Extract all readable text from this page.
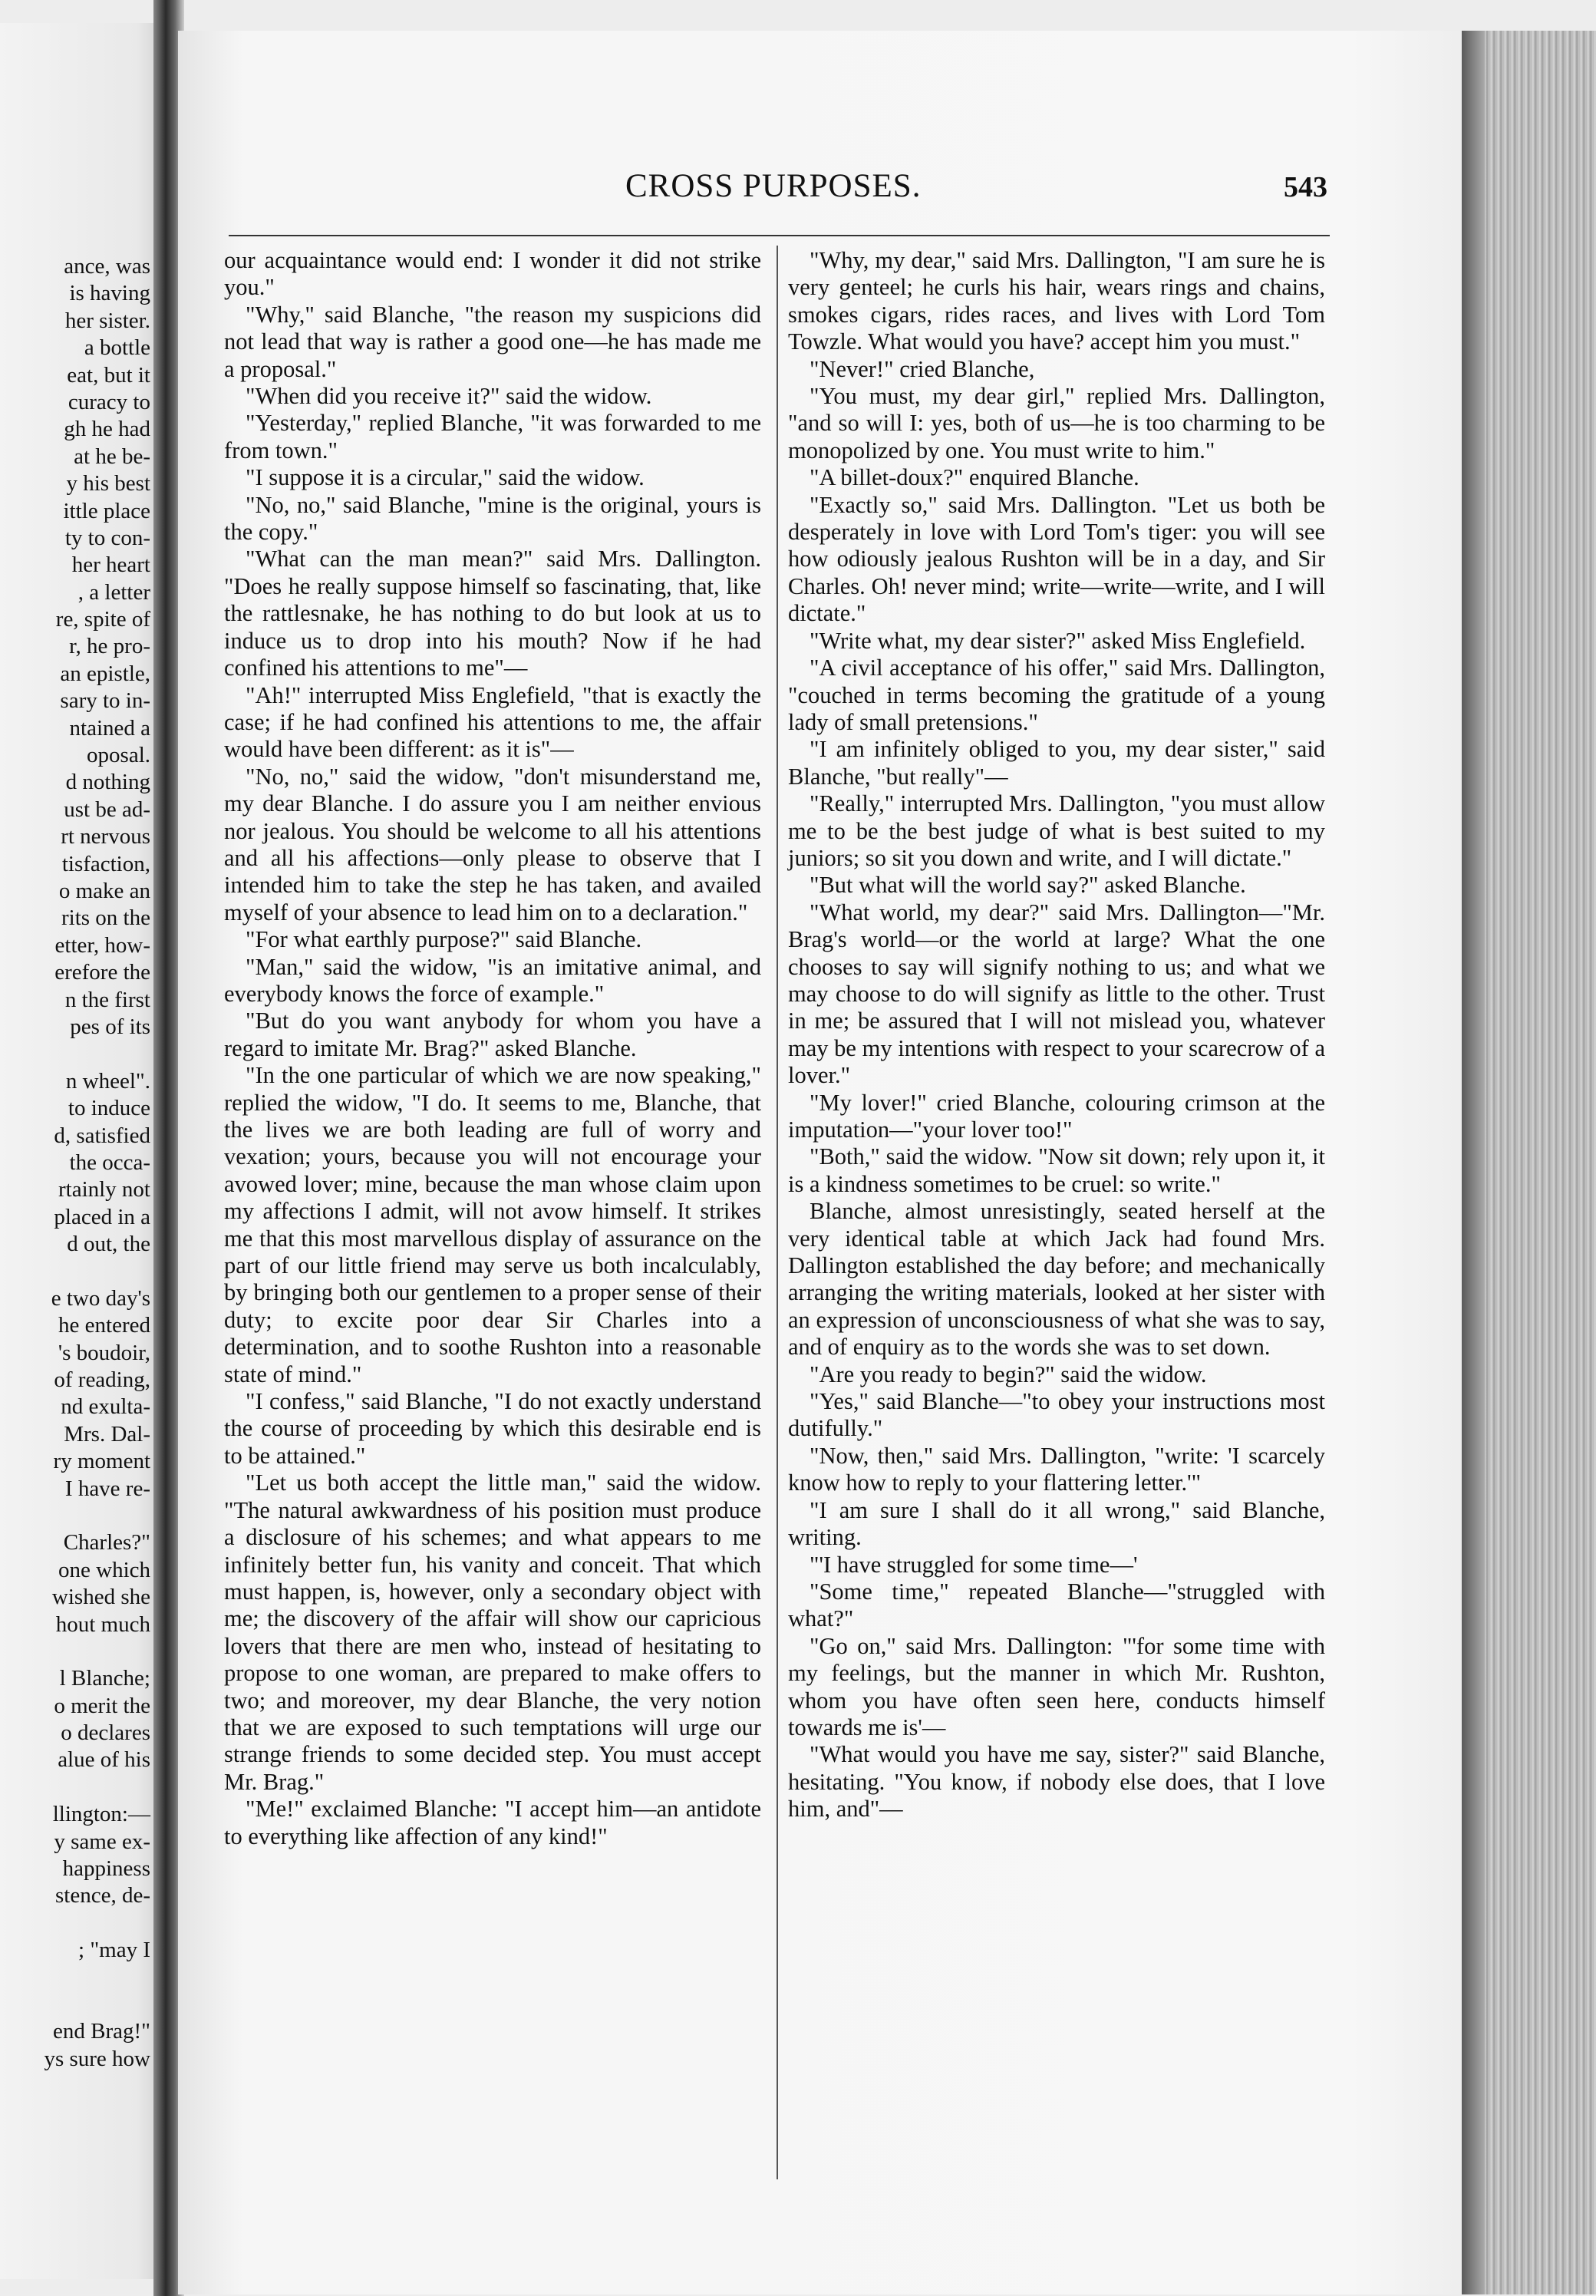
ance, was
is having
her sister.
a bottle
eat, but it
curacy to
gh he had
at he be-
y his best
ittle place
ty to con-
her heart
, a letter
re, spite of
r, he pro-
an epistle,
sary to in-
ntained a
oposal.
d nothing
ust be ad-
rt nervous
tisfaction,
o make an
rits on the
etter, how-
erefore the
n the first
pes of its
n wheel".
to induce
d, satisfied
the occa-
rtainly not
placed in a
d out, the
e two day's
he entered
's boudoir,
of reading,
nd exulta-
Mrs. Dal-
ry moment
I have re-
Charles?"
one which
wished she
hout much
l Blanche;
o merit the
o declares
alue of his
llington:—
y same ex-
happiness
stence, de-
; "may I
end Brag!"
ys sure how
CROSS PURPOSES.	543

our acquaintance would end: I wonder it did not strike you."

"Why," said Blanche, "the reason my suspicions did not lead that way is rather a good one—he has made me a proposal."

"When did you receive it?" said the widow.

"Yesterday," replied Blanche, "it was forwarded to me from town."

"I suppose it is a circular," said the widow.

"No, no," said Blanche, "mine is the original, yours is the copy."

"What can the man mean?" said Mrs. Dallington. "Does he really suppose himself so fascinating, that, like the rattlesnake, he has nothing to do but look at us to induce us to drop into his mouth? Now if he had confined his attentions to me"—

"Ah!" interrupted Miss Englefield, "that is exactly the case; if he had confined his attentions to me, the affair would have been different: as it is"—

"No, no," said the widow, "don't misunderstand me, my dear Blanche. I do assure you I am neither envious nor jealous. You should be welcome to all his attentions and all his affections—only please to observe that I intended him to take the step he has taken, and availed myself of your absence to lead him on to a declaration."

"For what earthly purpose?" said Blanche.

"Man," said the widow, "is an imitative animal, and everybody knows the force of example."

"But do you want anybody for whom you have a regard to imitate Mr. Brag?" asked Blanche.

"In the one particular of which we are now speaking," replied the widow, "I do. It seems to me, Blanche, that the lives we are both leading are full of worry and vexation; yours, because you will not encourage your avowed lover; mine, because the man whose claim upon my affections I admit, will not avow himself. It strikes me that this most marvellous display of assurance on the part of our little friend may serve us both incalculably, by bringing both our gentlemen to a proper sense of their duty; to excite poor dear Sir Charles into a determination, and to soothe Rushton into a reasonable state of mind."

"I confess," said Blanche, "I do not exactly understand the course of proceeding by which this desirable end is to be attained."

"Let us both accept the little man," said the widow. "The natural awkwardness of his position must produce a disclosure of his schemes; and what appears to me infinitely better fun, his vanity and conceit. That which must happen, is, however, only a secondary object with me; the discovery of the affair will show our capricious lovers that there are men who, instead of hesitating to propose to one woman, are prepared to make offers to two; and moreover, my dear Blanche, the very notion that we are exposed to such temptations will urge our strange friends to some decided step. You must accept Mr. Brag."

"Me!" exclaimed Blanche: "I accept him—an antidote to everything like affection of any kind!"

"Why, my dear," said Mrs. Dallington, "I am sure he is very genteel; he curls his hair, wears rings and chains, smokes cigars, rides races, and lives with Lord Tom Towzle. What would you have? accept him you must."

"Never!" cried Blanche,

"You must, my dear girl," replied Mrs. Dallington, "and so will I: yes, both of us—he is too charming to be monopolized by one. You must write to him."

"A billet-doux?" enquired Blanche.

"Exactly so," said Mrs. Dallington. "Let us both be desperately in love with Lord Tom's tiger: you will see how odiously jealous Rushton will be in a day, and Sir Charles. Oh! never mind; write—write—write, and I will dictate."

"Write what, my dear sister?" asked Miss Englefield.

"A civil acceptance of his offer," said Mrs. Dallington, "couched in terms becoming the gratitude of a young lady of small pretensions."

"I am infinitely obliged to you, my dear sister," said Blanche, "but really"—

"Really," interrupted Mrs. Dallington, "you must allow me to be the best judge of what is best suited to my juniors; so sit you down and write, and I will dictate."

"But what will the world say?" asked Blanche.

"What world, my dear?" said Mrs. Dallington—"Mr. Brag's world—or the world at large? What the one chooses to say will signify nothing to us; and what we may choose to do will signify as little to the other. Trust in me; be assured that I will not mislead you, whatever may be my intentions with respect to your scarecrow of a lover."

"My lover!" cried Blanche, colouring crimson at the imputation—"your lover too!"

"Both," said the widow. "Now sit down; rely upon it, it is a kindness sometimes to be cruel: so write."

Blanche, almost unresistingly, seated herself at the very identical table at which Jack had found Mrs. Dallington established the day before; and mechanically arranging the writing materials, looked at her sister with an expression of unconsciousness of what she was to say, and of enquiry as to the words she was to set down.

"Are you ready to begin?" said the widow.

"Yes," said Blanche—"to obey your instructions most dutifully."

"Now, then," said Mrs. Dallington, "write: 'I scarcely know how to reply to your flattering letter.'"

"I am sure I shall do it all wrong," said Blanche, writing.

"'I have struggled for some time—'

"Some time," repeated Blanche—"struggled with what?"

"Go on," said Mrs. Dallington: "'for some time with my feelings, but the manner in which Mr. Rushton, whom you have often seen here, conducts himself towards me is'—

"What would you have me say, sister?" said Blanche, hesitating. "You know, if nobody else does, that I love him, and"—
